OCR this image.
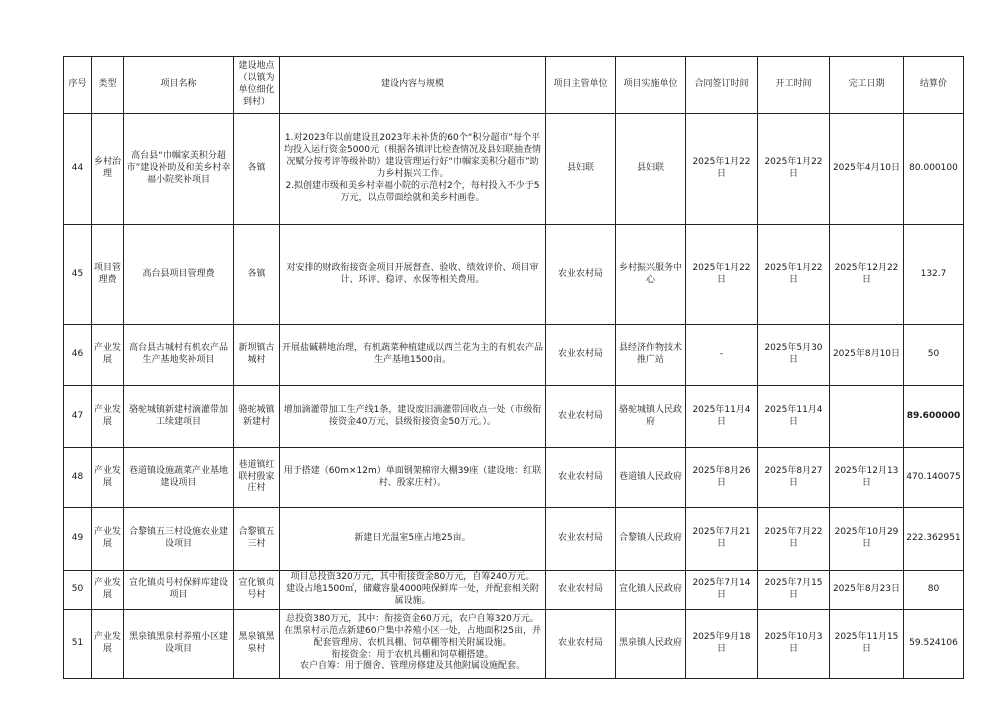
序号	类型	项目名称	建设地点（以镇为单位细化到村）	建设内容与规模	项目主管单位	项目实施单位	合同签订时间	开工时间	完工日期	结算价
44	乡村治理	高台县“巾帼家美积分超市”建设补助及和美乡村幸福小院奖补项目	各镇	1.对2023年以前建设且2023年未补货的60个“积分超市”每个平均投入运行资金5000元（根据各镇评比检查情况及县妇联抽查情况赋分按考评等级补助）建设管理运行好“巾帼家美积分超市”助力乡村振兴工作。
2.拟创建市级和美乡村幸福小院的示范村2个，每村投入不少于5万元，以点带面绘就和美乡村画卷。	县妇联	县妇联	2025年1月22日	2025年1月22日	2025年4月10日	80.000100
45	项目管理费	高台县项目管理费	各镇	对安排的财政衔接资金项目开展督查、验收、绩效评价、项目审计、环评、稳评、水保等相关费用。	农业农村局	乡村振兴服务中心	2025年1月22日	2025年1月22日	2025年12月22日	132.7
46	产业发展	高台县古城村有机农产品生产基地奖补项目	新坝镇古城村	开展盐碱耕地治理，有机蔬菜种植建成以西兰花为主的有机农产品生产基地1500亩。	农业农村局	县经济作物技术推广站	-	2025年5月30日	2025年8月10日	50
47	产业发展	骆驼城镇新建村滴灌带加工续建项目	骆驼城镇新建村	增加滴灌带加工生产线1条，建设废旧滴灌带回收点一处（市级衔接资金40万元，县级衔接资金50万元。）。	农业农村局	骆驼城镇人民政府	2025年11月4日	2025年11月4日		89.600000
48	产业发展	巷道镇设施蔬菜产业基地建设项目	巷道镇红联村殷家庄村	用于搭建（60m×12m）单面钢架棉帘大棚39座（建设地：红联村、殷家庄村）。	农业农村局	巷道镇人民政府	2025年8月26日	2025年8月27日	2025年12月13日	470.140075
49	产业发展	合黎镇五三村设施农业建设项目	合黎镇五三村	新建日光温室5座占地25亩。	农业农村局	合黎镇人民政府	2025年7月21日	2025年7月22日	2025年10月29日	222.362951
50	产业发展	宣化镇贞号村保鲜库建设项目	宣化镇贞号村	项目总投资320万元，其中衔接资金80万元，自筹240万元。
建设占地1500㎡，储藏容量4000吨保鲜库一处，并配套相关附属设施。	农业农村局	宣化镇人民政府	2025年7月14日	2025年7月15日	2025年8月23日	80
51	产业发展	黑泉镇黑泉村养殖小区建设项目	黑泉镇黑泉村	总投资380万元，其中：衔接资金60万元，农户自筹320万元。
在黑泉村示范点新建60户集中养殖小区一处，占地面积25亩，并配套管理房、农机具棚、饲草棚等相关附属设施。
衔接资金：用于农机具棚和饲草棚搭建。
农户自筹：用于圈舍、管理房修建及其他附属设施配套。	农业农村局	黑泉镇人民政府	2025年9月18日	2025年10月3日	2025年11月15日	59.524106
